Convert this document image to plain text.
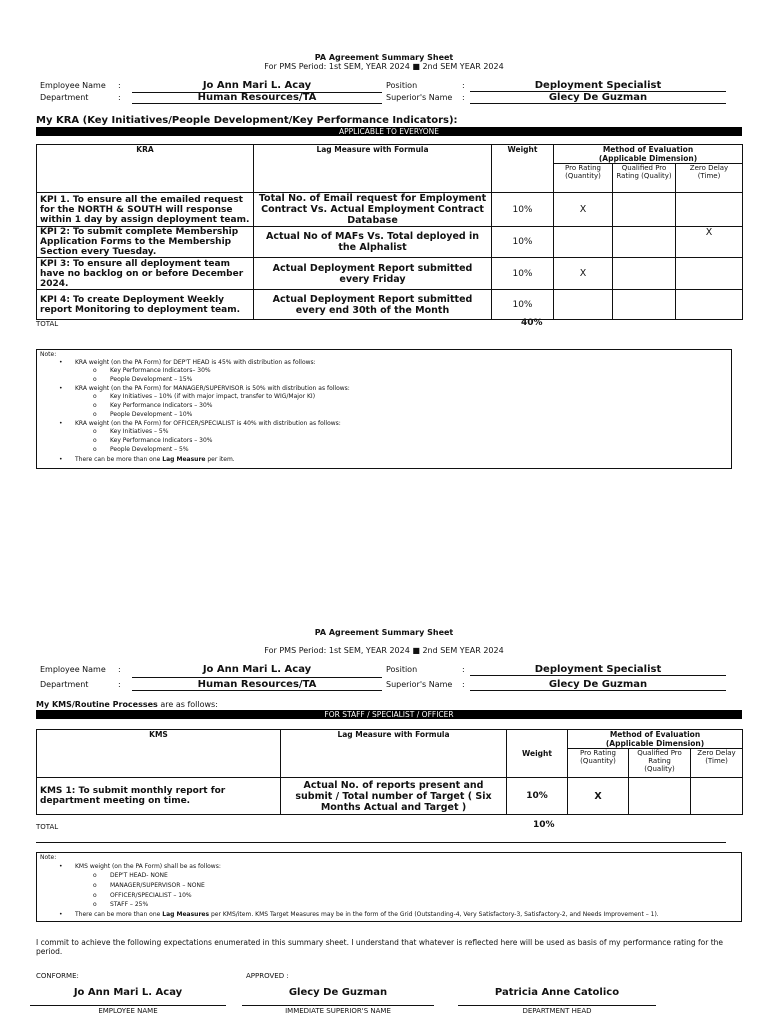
PA Agreement Summary Sheet
For PMS Period: 1st SEM, YEAR 2024 ■ 2nd SEM YEAR 2024
Employee Name :	Jo Ann Mari L. Acay
Department	:	Human Resources/TA
Position	:	Deployment Specialist
Superior's Name :	Glecy De Guzman
My KRA (Key Initiatives/People Development/Key Performance Indicators):
APPLICABLE TO EVERYONE
KRA	Lag Measure with Formula	Weight	Method of Evaluation
(Applicable Dimension)		

			Pro Rating (Quantity)	Qualified Pro Rating (Quality)	Zero Delay (Time)
KPI 1. To ensure all the emailed request for the NORTH & SOUTH will response within 1 day by assign deployment team.	Total No. of Email request for Employment Contract Vs. Actual Employment Contract Database	10%	X		
KPI 2: To submit complete Membership Application Forms to the Membership Section every Tuesday.	Actual No of MAFs Vs. Total deployed in the Alphalist	10%			X
KPI 3: To ensure all deployment team have no backlog on or before December 2024.	Actual Deployment Report submitted every Friday	10%	X		
KPI 4: To create Deployment Weekly report Monitoring to deployment team.	Actual Deployment Report submitted every end 30th of the Month	10%			
TOTAL	40%
Note:
• KRA weight (on the PA Form) for DEP'T HEAD is 45% with distribution as follows:
o Key Performance Indicators– 30%
o People Development – 15%
• KRA weight (on the PA Form) for MANAGER/SUPERVISOR is 50% with distribution as follows:
o Key Initiatives – 10% (if with major impact, transfer to WIG/Major KI)
o Key Performance Indicators – 30%
o People Development – 10%
• KRA weight (on the PA Form) for OFFICER/SPECIALIST is 40% with distribution as follows:
o Key Initiatives – 5%
o Key Performance Indicators – 30%
o People Development – 5%
• There can be more than one Lag Measure per item.
PA Agreement Summary Sheet
For PMS Period: 1st SEM, YEAR 2024 ■ 2nd SEM YEAR 2024
Employee Name :	Jo Ann Mari L. Acay
Department	:	Human Resources/TA
Position	:	Deployment Specialist
Superior's Name :	Glecy De Guzman
My KMS/Routine Processes are as follows:
FOR STAFF / SPECIALIST / OFFICER
KMS	Lag Measure with Formula	Weight	Method of Evaluation
(Applicable Dimension)		

			Pro Rating (Quantity)	Qualified Pro Rating (Quality)	Zero Delay (Time)
KMS 1: To submit monthly report for department meeting on time.	Actual No. of reports present and submit / Total number of Target ( Six Months Actual and Target )	10%	X		
TOTAL	10%
Note:
• KMS weight (on the PA Form) shall be as follows:
o DEP'T HEAD- NONE
o MANAGER/SUPERVISOR – NONE
o OFFICER/SPECIALIST – 10%
o STAFF – 25%
• There can be more than one Lag Measures per KMS/item. KMS Target Measures may be in the form of the Grid (Outstanding-4, Very Satisfactory-3, Satisfactory-2, and Needs Improvement – 1).
I commit to achieve the following expectations enumerated in this summary sheet. I understand that whatever is reflected here will be used as basis of my performance rating for the period.
CONFORME:	APPROVED :
Jo Ann Mari L. Acay
EMPLOYEE NAME
Glecy De Guzman
IMMEDIATE SUPERIOR'S NAME
Patricia Anne Catolico
DEPARTMENT HEAD
